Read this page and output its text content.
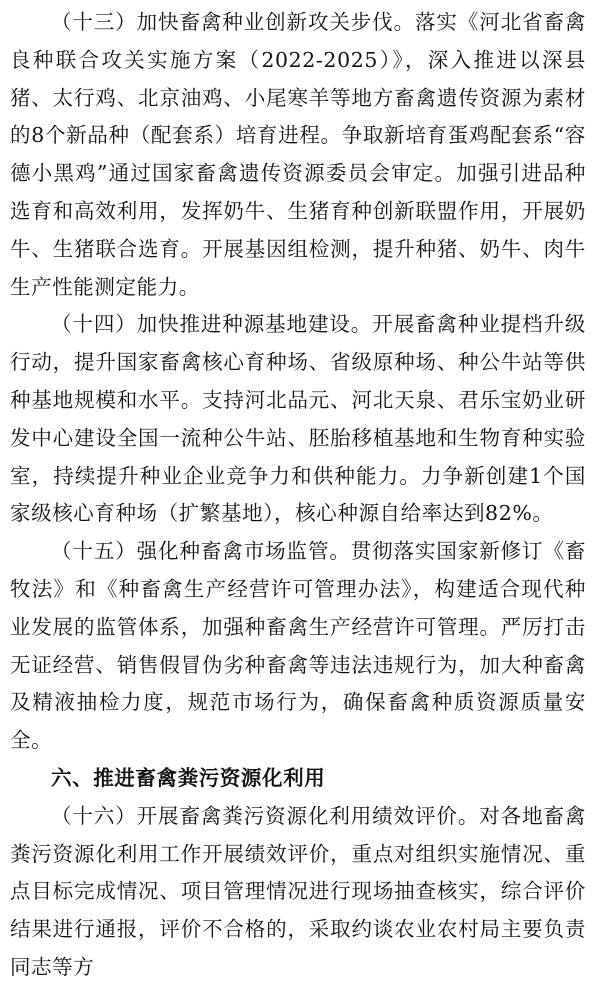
（十三）加快畜禽种业创新攻关步伐。落实《河北省畜禽良种联合攻关实施方案（2022-2025）》，深入推进以深县猪、太行鸡、北京油鸡、小尾寒羊等地方畜禽遗传资源为素材的8个新品种（配套系）培育进程。争取新培育蛋鸡配套系“容德小黑鸡”通过国家畜禽遗传资源委员会审定。加强引进品种选育和高效利用，发挥奶牛、生猪育种创新联盟作用，开展奶牛、生猪联合选育。开展基因组检测，提升种猪、奶牛、肉牛生产性能测定能力。

（十四）加快推进种源基地建设。开展畜禽种业提档升级行动，提升国家畜禽核心育种场、省级原种场、种公牛站等供种基地规模和水平。支持河北品元、河北天泉、君乐宝奶业研发中心建设全国一流种公牛站、胚胎移植基地和生物育种实验室，持续提升种业企业竞争力和供种能力。力争新创建1个国家级核心育种场（扩繁基地），核心种源自给率达到82%。

（十五）强化种畜禽市场监管。贯彻落实国家新修订《畜牧法》和《种畜禽生产经营许可管理办法》，构建适合现代种业发展的监管体系，加强种畜禽生产经营许可管理。严厉打击无证经营、销售假冒伪劣种畜禽等违法违规行为，加大种畜禽及精液抽检力度，规范市场行为，确保畜禽种质资源质量安全。

六、推进畜禽粪污资源化利用

（十六）开展畜禽粪污资源化利用绩效评价。对各地畜禽粪污资源化利用工作开展绩效评价，重点对组织实施情况、重点目标完成情况、项目管理情况进行现场抽查核实，综合评价结果进行通报，评价不合格的，采取约谈农业农村局主要负责同志等方
